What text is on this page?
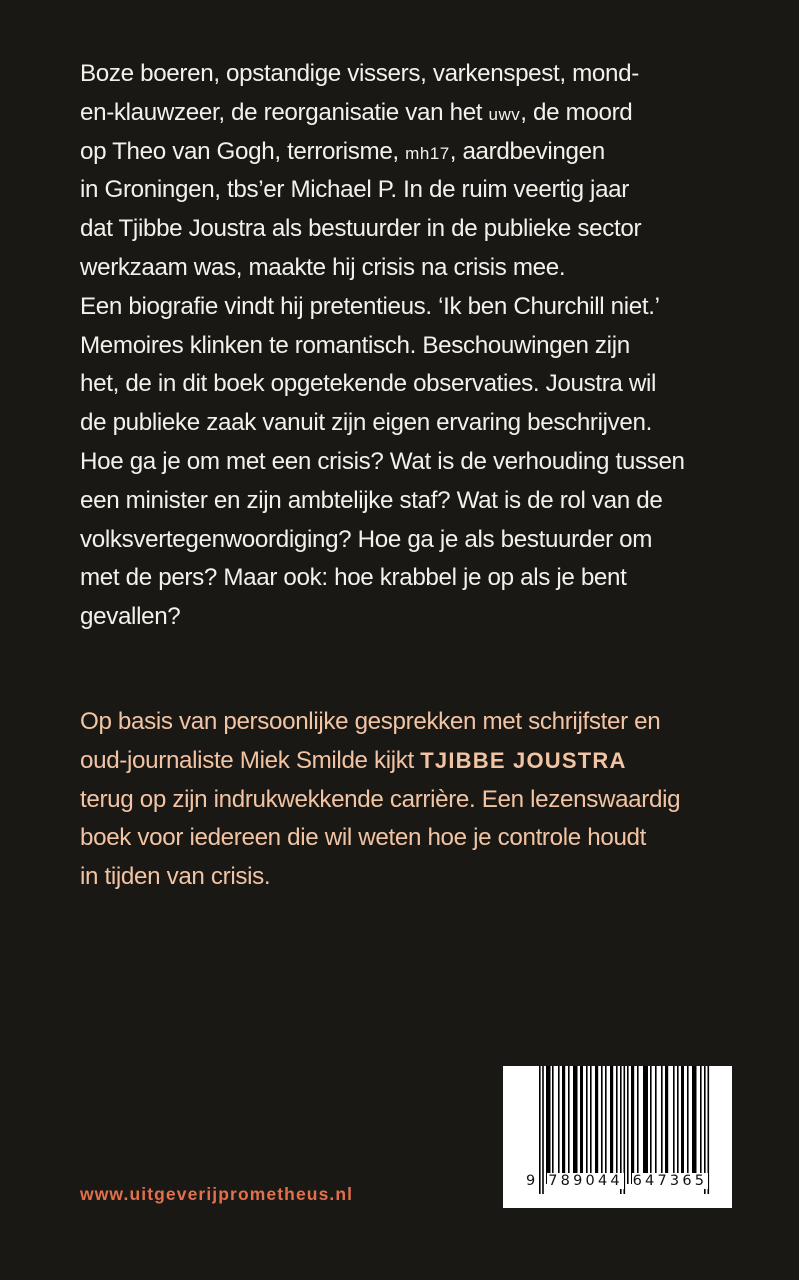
Boze boeren, opstandige vissers, varkenspest, mond-
en-klauwzeer, de reorganisatie van het uwv, de moord
op Theo van Gogh, terrorisme, mh17, aardbevingen
in Groningen, tbs’er Michael P. In de ruim veertig jaar
dat Tjibbe Joustra als bestuurder in de publieke sector
werkzaam was, maakte hij crisis na crisis mee.
Een biografie vindt hij pretentieus. ‘Ik ben Churchill niet.’
Memoires klinken te romantisch. Beschouwingen zijn
het, de in dit boek opgetekende observaties. Joustra wil
de publieke zaak vanuit zijn eigen ervaring beschrijven.
Hoe ga je om met een crisis? Wat is de verhouding tussen
een minister en zijn ambtelijke staf? Wat is de rol van de
volksvertegenwoordiging? Hoe ga je als bestuurder om
met de pers? Maar ook: hoe krabbel je op als je bent
gevallen?
Op basis van persoonlijke gesprekken met schrijfster en
oud-journaliste Miek Smilde kijkt TJIBBE JOUSTRA
terug op zijn indrukwekkende carrière. Een lezenswaardig
boek voor iedereen die wil weten hoe je controle houdt
in tijden van crisis.
9 789044 647365
www.uitgeverijprometheus.nl
